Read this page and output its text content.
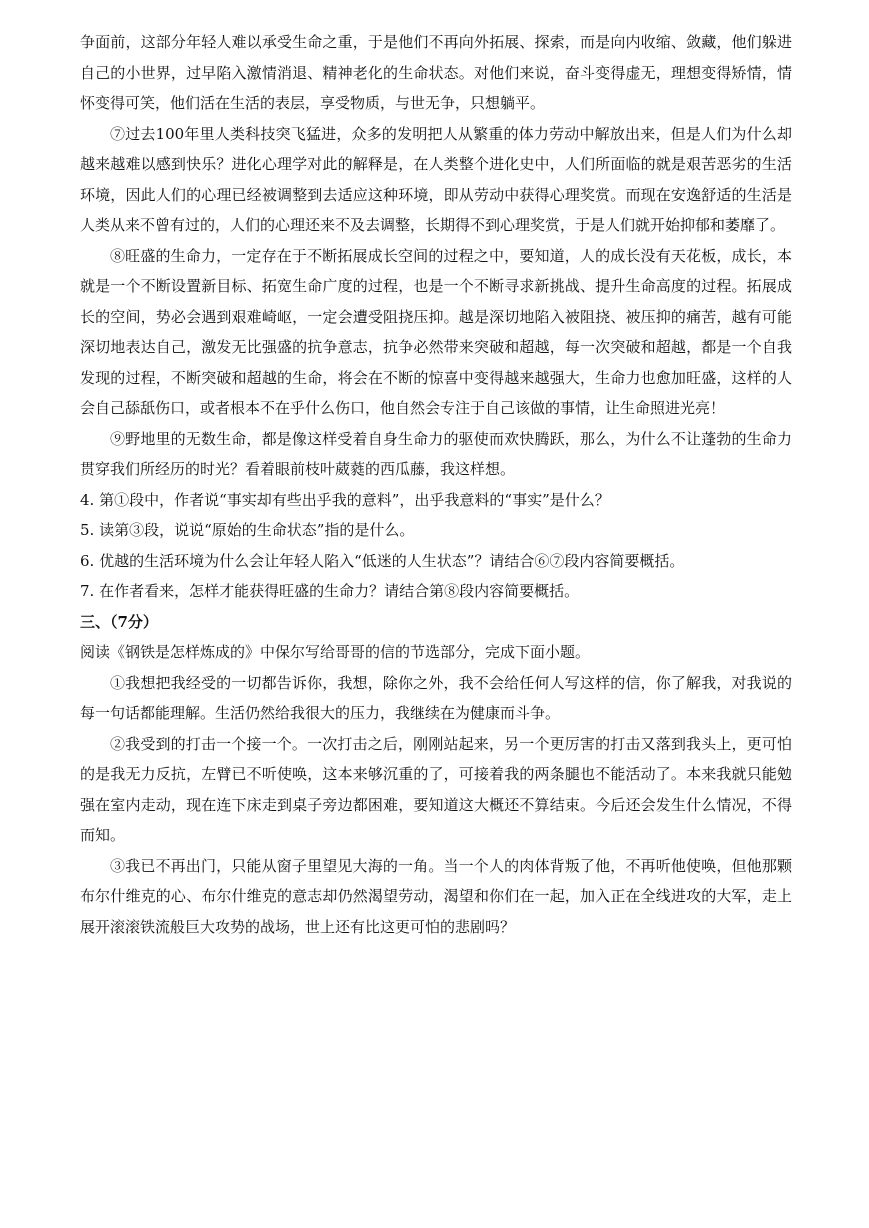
争面前，这部分年轻人难以承受生命之重，于是他们不再向外拓展、探索，而是向内收缩、敛藏，他们躲进自己的小世界，过早陷入激情消退、精神老化的生命状态。对他们来说，奋斗变得虚无，理想变得矫情，情怀变得可笑，他们活在生活的表层，享受物质，与世无争，只想躺平。

⑦过去100年里人类科技突飞猛进，众多的发明把人从繁重的体力劳动中解放出来，但是人们为什么却越来越难以感到快乐？进化心理学对此的解释是，在人类整个进化史中，人们所面临的就是艰苦恶劣的生活环境，因此人们的心理已经被调整到去适应这种环境，即从劳动中获得心理奖赏。而现在安逸舒适的生活是人类从来不曾有过的，人们的心理还来不及去调整，长期得不到心理奖赏，于是人们就开始抑郁和萎靡了。

⑧旺盛的生命力，一定存在于不断拓展成长空间的过程之中，要知道，人的成长没有天花板，成长，本就是一个不断设置新目标、拓宽生命广度的过程，也是一个不断寻求新挑战、提升生命高度的过程。拓展成长的空间，势必会遇到艰难崎岖，一定会遭受阻挠压抑。越是深切地陷入被阻挠、被压抑的痛苦，越有可能深切地表达自己，激发无比强盛的抗争意志，抗争必然带来突破和超越，每一次突破和超越，都是一个自我发现的过程，不断突破和超越的生命，将会在不断的惊喜中变得越来越强大，生命力也愈加旺盛，这样的人会自己舔舐伤口，或者根本不在乎什么伤口，他自然会专注于自己该做的事情，让生命照进光亮！

⑨野地里的无数生命，都是像这样受着自身生命力的驱使而欢快腾跃，那么，为什么不让蓬勃的生命力贯穿我们所经历的时光？看着眼前枝叶葳蕤的西瓜藤，我这样想。

4. 第①段中，作者说“事实却有些出乎我的意料”，出乎我意料的“事实”是什么？

5. 读第③段，说说“原始的生命状态”指的是什么。

6. 优越的生活环境为什么会让年轻人陷入“低迷的人生状态”？请结合⑥⑦段内容简要概括。

7. 在作者看来，怎样才能获得旺盛的生命力？请结合第⑧段内容简要概括。

三、（7分）

阅读《钢铁是怎样炼成的》中保尔写给哥哥的信的节选部分，完成下面小题。

①我想把我经受的一切都告诉你，我想，除你之外，我不会给任何人写这样的信，你了解我，对我说的每一句话都能理解。生活仍然给我很大的压力，我继续在为健康而斗争。

②我受到的打击一个接一个。一次打击之后，刚刚站起来，另一个更厉害的打击又落到我头上，更可怕的是我无力反抗，左臂已不听使唤，这本来够沉重的了，可接着我的两条腿也不能活动了。本来我就只能勉强在室内走动，现在连下床走到桌子旁边都困难，要知道这大概还不算结束。今后还会发生什么情况，不得而知。

③我已不再出门，只能从窗子里望见大海的一角。当一个人的肉体背叛了他，不再听他使唤，但他那颗布尔什维克的心、布尔什维克的意志却仍然渴望劳动，渴望和你们在一起，加入正在全线进攻的大军，走上展开滚滚铁流般巨大攻势的战场，世上还有比这更可怕的悲剧吗？
